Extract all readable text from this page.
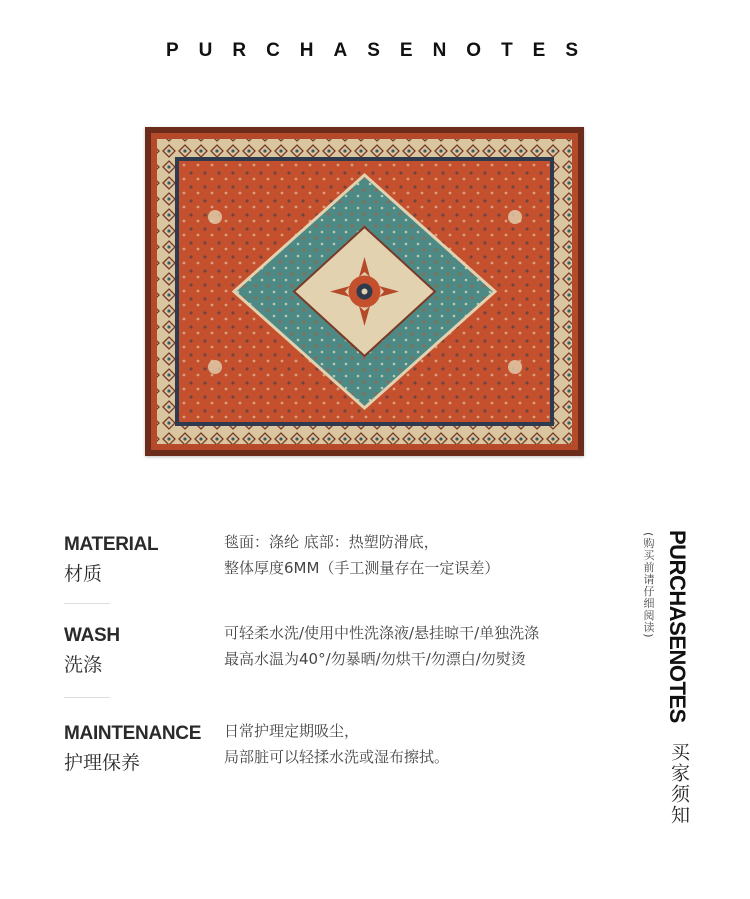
PURCHASENOTES
MATERIAL
材质
毯面：涤纶 底部：热塑防滑底，
整体厚度6MM（手工测量存在一定误差）
WASH
洗涤
可轻柔水洗/使用中性洗涤液/悬挂晾干/单独洗涤
最高水温为40°/勿暴晒/勿烘干/勿漂白/勿熨烫
MAINTENANCE
护理保养
日常护理定期吸尘，
局部脏可以轻揉水洗或湿布擦拭。
(购买前请仔细阅读) PURCHASENOTES
买家须知
